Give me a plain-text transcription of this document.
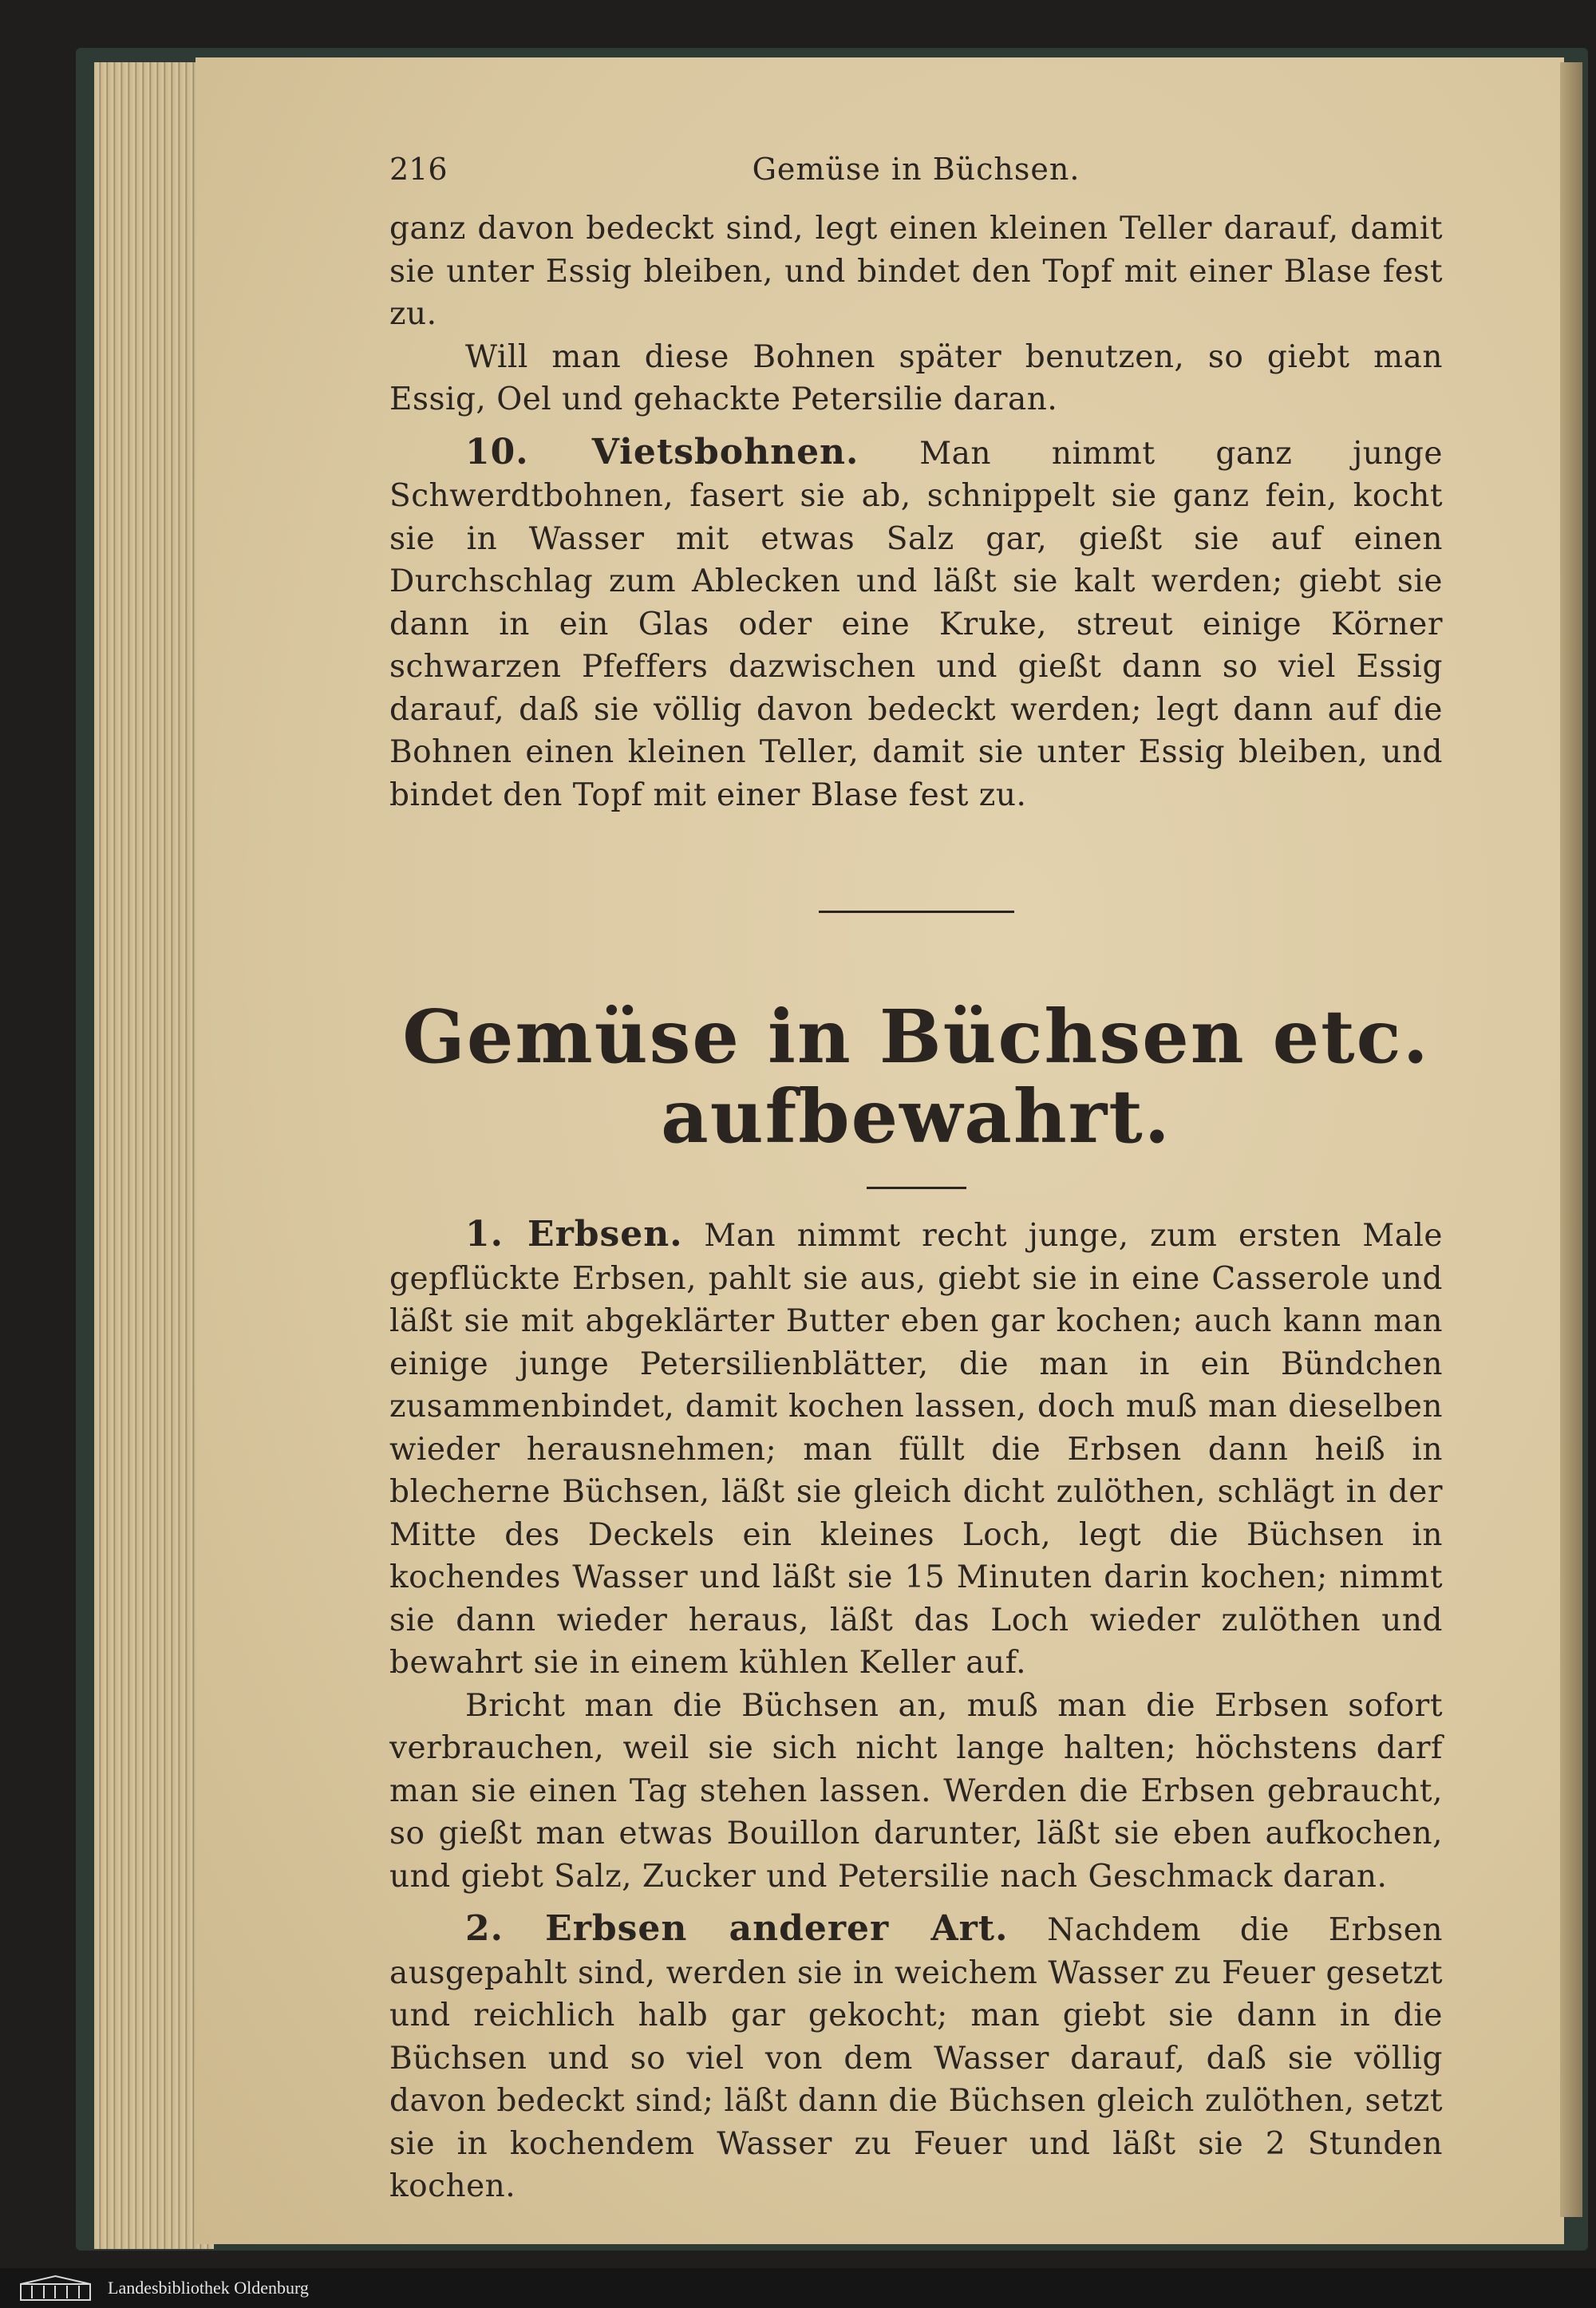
216	Gemüse in Büchsen.

ganz davon bedeckt sind, legt einen kleinen Teller darauf, damit sie unter Essig bleiben, und bindet den Topf mit einer Blase fest zu.

Will man diese Bohnen später benutzen, so giebt man Essig, Oel und gehackte Petersilie daran.

10. Vietsbohnen. Man nimmt ganz junge Schwerdtbohnen, fasert sie ab, schnippelt sie ganz fein, kocht sie in Wasser mit etwas Salz gar, gießt sie auf einen Durchschlag zum Ablecken und läßt sie kalt werden; giebt sie dann in ein Glas oder eine Kruke, streut einige Körner schwarzen Pfeffers dazwischen und gießt dann so viel Essig darauf, daß sie völlig davon bedeckt werden; legt dann auf die Bohnen einen kleinen Teller, damit sie unter Essig bleiben, und bindet den Topf mit einer Blase fest zu.

Gemüse in Büchsen etc. aufbewahrt.

1. Erbsen. Man nimmt recht junge, zum ersten Male gepflückte Erbsen, pahlt sie aus, giebt sie in eine Casserole und läßt sie mit abgeklärter Butter eben gar kochen; auch kann man einige junge Petersilienblätter, die man in ein Bündchen zusammenbindet, damit kochen lassen, doch muß man dieselben wieder herausnehmen; man füllt die Erbsen dann heiß in blecherne Büchsen, läßt sie gleich dicht zulöthen, schlägt in der Mitte des Deckels ein kleines Loch, legt die Büchsen in kochendes Wasser und läßt sie 15 Minuten darin kochen; nimmt sie dann wieder heraus, läßt das Loch wieder zulöthen und bewahrt sie in einem kühlen Keller auf.

Bricht man die Büchsen an, muß man die Erbsen sofort verbrauchen, weil sie sich nicht lange halten; höchstens darf man sie einen Tag stehen lassen. Werden die Erbsen gebraucht, so gießt man etwas Bouillon darunter, läßt sie eben aufkochen, und giebt Salz, Zucker und Petersilie nach Geschmack daran.

2. Erbsen anderer Art. Nachdem die Erbsen ausgepahlt sind, werden sie in weichem Wasser zu Feuer gesetzt und reichlich halb gar gekocht; man giebt sie dann in die Büchsen und so viel von dem Wasser darauf, daß sie völlig davon bedeckt sind; läßt dann die Büchsen gleich zulöthen, setzt sie in kochendem Wasser zu Feuer und läßt sie 2 Stunden kochen.

Landesbibliothek Oldenburg
